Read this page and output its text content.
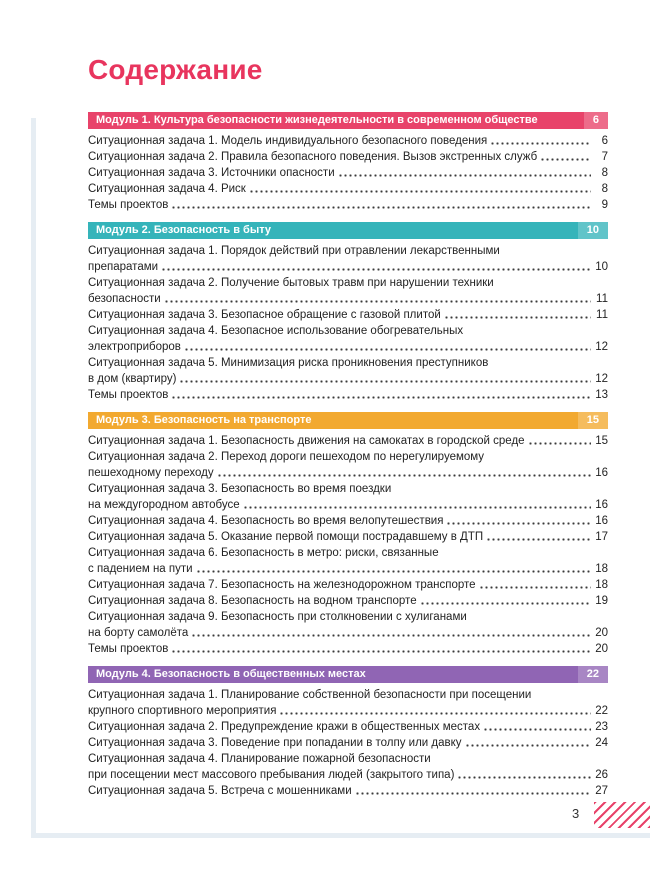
Содержание
Модуль 1. Культура безопасности жизнедеятельности в современном обществе	6
Ситуационная задача 1. Модель индивидуального безопасного поведения	6
Ситуационная задача 2. Правила безопасного поведения. Вызов экстренных служб	7
Ситуационная задача 3. Источники опасности	8
Ситуационная задача 4. Риск	8
Темы проектов	9
Модуль 2. Безопасность в быту	10
Ситуационная задача 1. Порядок действий при отравлении лекарственными
препаратами	10
Ситуационная задача 2. Получение бытовых травм при нарушении техники
безопасности	11
Ситуационная задача 3. Безопасное обращение с газовой плитой	11
Ситуационная задача 4. Безопасное использование обогревательных
электроприборов	12
Ситуационная задача 5. Минимизация риска проникновения преступников
в дом (квартиру)	12
Темы проектов	13
Модуль 3. Безопасность на транспорте	15
Ситуационная задача 1. Безопасность движения на самокатах в городской среде	15
Ситуационная задача 2. Переход дороги пешеходом по нерегулируемому
пешеходному переходу	16
Ситуационная задача 3. Безопасность во время поездки
на междугородном автобусе	16
Ситуационная задача 4. Безопасность во время велопутешествия	16
Ситуационная задача 5. Оказание первой помощи пострадавшему в ДТП	17
Ситуационная задача 6. Безопасность в метро: риски, связанные
с падением на пути	18
Ситуационная задача 7. Безопасность на железнодорожном транспорте	18
Ситуационная задача 8. Безопасность на водном транспорте	19
Ситуационная задача 9. Безопасность при столкновении с хулиганами
на борту самолёта	20
Темы проектов	20
Модуль 4. Безопасность в общественных местах	22
Ситуационная задача 1. Планирование собственной безопасности при посещении
крупного спортивного мероприятия	22
Ситуационная задача 2. Предупреждение кражи в общественных местах	23
Ситуационная задача 3. Поведение при попадании в толпу или давку	24
Ситуационная задача 4. Планирование пожарной безопасности
при посещении мест массового пребывания людей (закрытого типа)	26
Ситуационная задача 5. Встреча с мошенниками	27
3
